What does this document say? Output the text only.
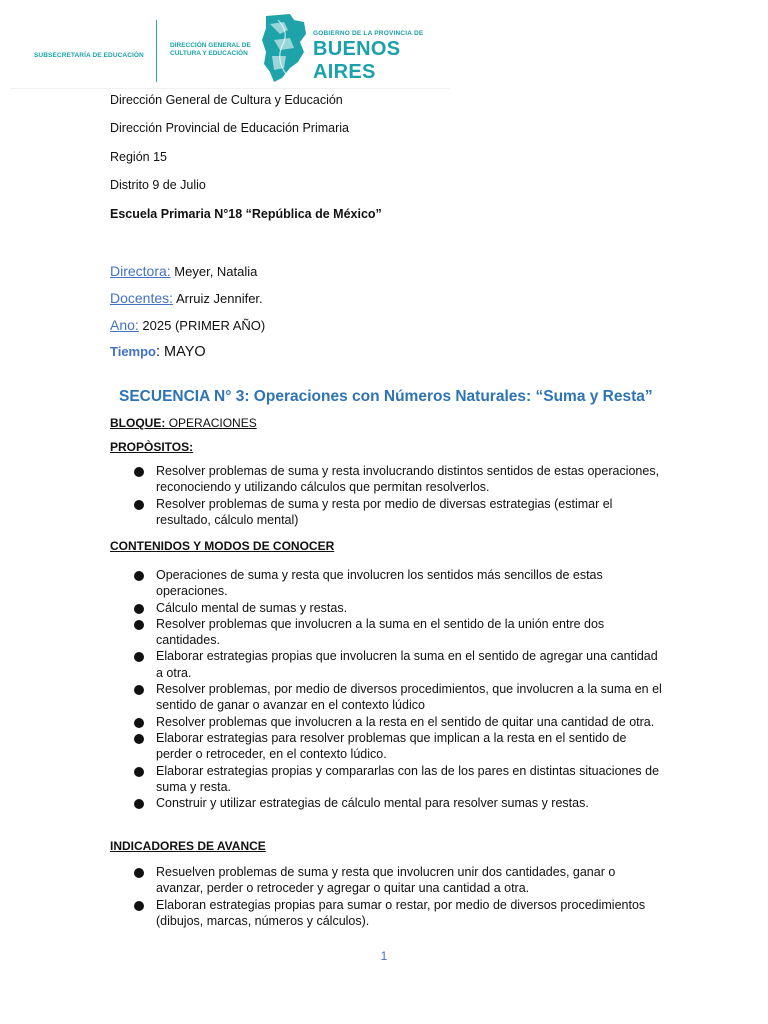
SUBSECRETARÍA DE EDUCACIÓN
DIRECCIÓN GENERAL DE
CULTURA Y EDUCACIÓN
GOBIERNO DE LA PROVINCIA DE
BUENOS AIRES
Dirección General de Cultura y Educación
Dirección Provincial de Educación Primaria
Región 15
Distrito 9 de Julio
Escuela Primaria N°18 “República de México”
Directora: Meyer, Natalia
Docentes: Arruiz Jennifer.
Ano: 2025 (PRIMER AÑO)
Tiempo: MAYO
SECUENCIA N° 3: Operaciones con Números Naturales: “Suma y Resta”
BLOQUE: OPERACIONES
PROPÒSITOS:
Resolver problemas de suma y resta involucrando distintos sentidos de estas operaciones, reconociendo y utilizando cálculos que permitan resolverlos.
Resolver problemas de suma y resta por medio de diversas estrategias (estimar el resultado, cálculo mental)
CONTENIDOS Y MODOS DE CONOCER
Operaciones de suma y resta que involucren los sentidos más sencillos de estas operaciones.
Cálculo mental de sumas y restas.
Resolver problemas que involucren a la suma en el sentido de la unión entre dos cantidades.
Elaborar estrategias propias que involucren la suma en el sentido de agregar una cantidad a otra.
Resolver problemas, por medio de diversos procedimientos, que involucren a la suma en el sentido de ganar o avanzar en el contexto lúdico
Resolver problemas que involucren a la resta en el sentido de quitar una cantidad de otra.
Elaborar estrategias para resolver problemas que implican a la resta en el sentido de perder o retroceder, en el contexto lúdico.
Elaborar estrategias propias y compararlas con las de los pares en distintas situaciones de suma y resta.
Construir y utilizar estrategias de cálculo mental para resolver sumas y restas.
INDICADORES DE AVANCE
Resuelven problemas de suma y resta que involucren unir dos cantidades, ganar o avanzar, perder o retroceder y agregar o quitar una cantidad a otra.
Elaboran estrategias propias para sumar o restar, por medio de diversos procedimientos (dibujos, marcas, números y cálculos).
1
